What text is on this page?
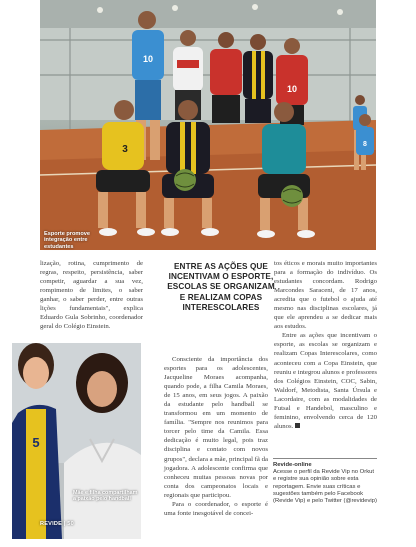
10
10
3	8
Esporte promove integração entre estudantes

lização, rotina, cumprimento de regras, respeito, persistência, saber competir, aguardar a sua vez, rompimento de limites, o saber ganhar, o saber perder, entre outras lições fundamentais", explica Eduardo Gula Sobrinho, coordenador geral do Colégio Einstein.

ENTRE AS AÇÕES QUE INCENTIVAM O ESPORTE, ESCOLAS SE ORGANIZAM E REALIZAM COPAS INTERESCOLARES

Consciente da importância dos esportes para os adolescentes, Jacqueline Moraes acompanha, quando pode, a filha Camila Moraes, de 15 anos, em seus jogos. A paixão da estudante pelo handball se transformou em um momento de família. "Sempre nos reunimos para torcer pelo time da Camila. Essa dedicação é muito legal, pois traz disciplina e contato com novos grupos", declara a mãe, principal fã da jogadora. A adolescente confirma que conheceu muitas pessoas novas por conta dos campeonatos locais e regionais que participou.

Para o coordenador, o esporte é uma fonte inesgotável de concei-

tos éticos e morais muito importantes para a formação do indivíduo. Os estudantes concordam. Rodrigo Marcondes Saraceni, de 17 anos, acredita que o futebol o ajuda até mesmo nas disciplinas escolares, já que ele aprendeu a se dedicar mais aos estudos.

Entre as ações que incentivam o esporte, as escolas se organizam e realizam Copas Interescolares, como aconteceu com a Copa Einstein, que reuniu e integrou alunos e professores dos Colégios Einstein, COC, Sabin, Waldorf, Metodista, Santa Úrsula e Lacordaire, com as modalidades de Futsal e Handebol, masculino e feminino, envolvendo cerca de 120 alunos.

Revide-online
Acesse o perfil da Revide Vip no Orkut e registre sua opinião sobre esta reportagem. Envie suas críticas e sugestões também pelo Facebook (Revide Vip) e pelo Twitter (@revidevip)
5
Mãe e filha compartilham a paixão pelo handball
REVIDE | 50
